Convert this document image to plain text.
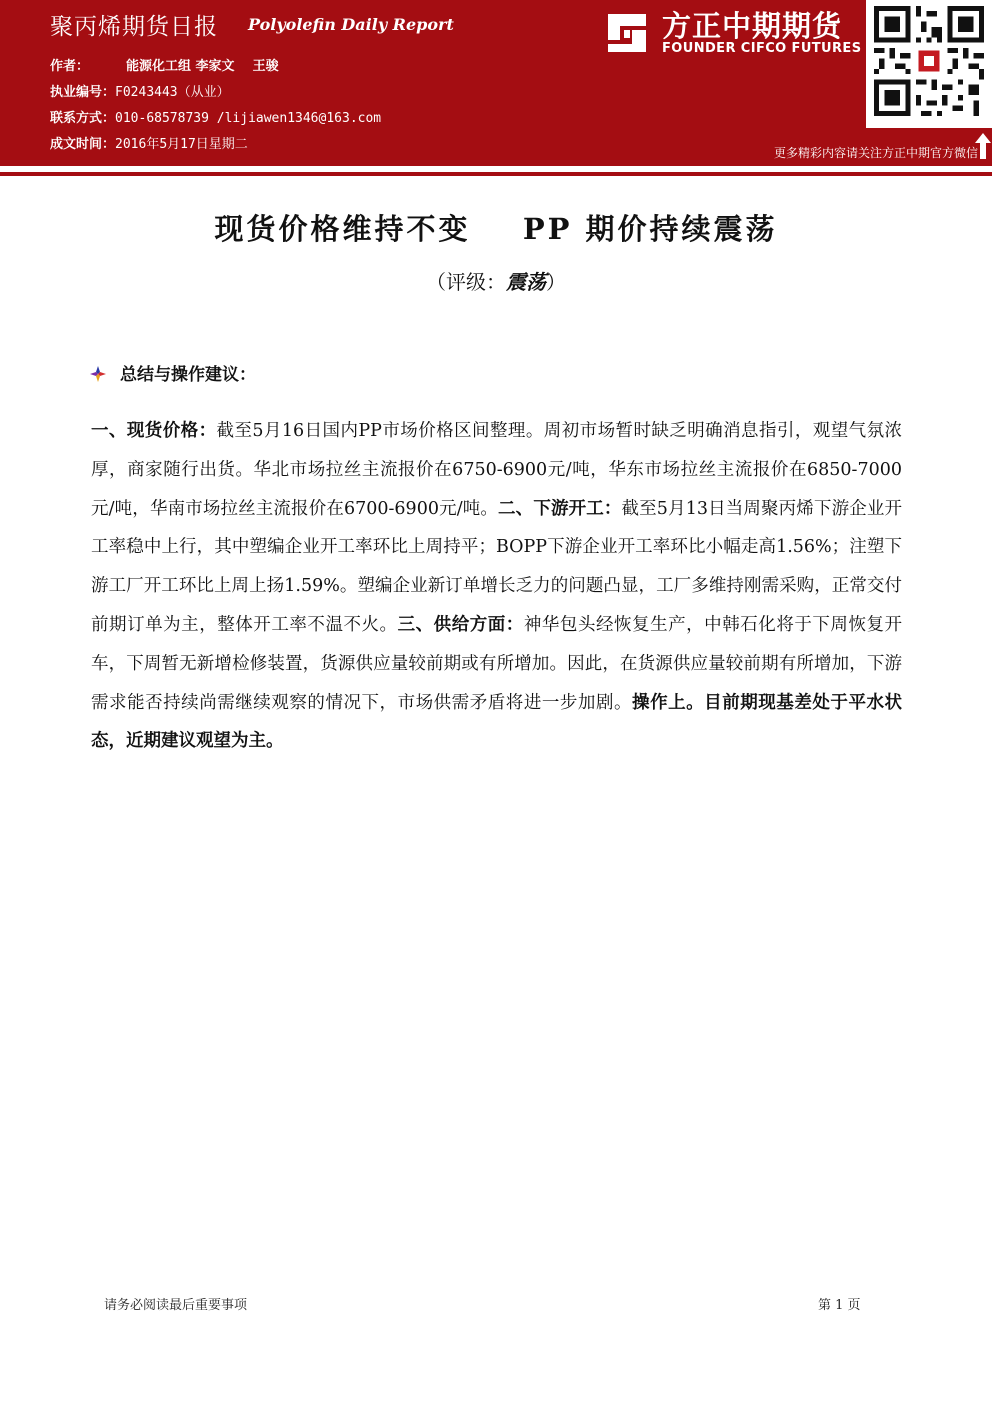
聚丙烯期货日报 Polyolefin Daily Report
作者：	能源化工组 李家文    王骏
执业编号：F0243443（从业）
联系方式：010-68578739 /lijiawen1346@163.com
成文时间：2016年5月17日星期二
方正中期期货
FOUNDER CIFCO FUTURES
更多精彩内容请关注方正中期官方微信
现货价格维持不变    PP 期价持续震荡
（评级：震荡）
总结与操作建议：
一、现货价格：截至5月16日国内PP市场价格区间整理。周初市场暂时缺乏明确消息指引，观望气氛浓厚，商家随行出货。华北市场拉丝主流报价在6750-6900元/吨，华东市场拉丝主流报价在6850-7000元/吨，华南市场拉丝主流报价在6700-6900元/吨。二、下游开工：截至5月13日当周聚丙烯下游企业开工率稳中上行，其中塑编企业开工率环比上周持平；BOPP下游企业开工率环比小幅走高1.56%；注塑下游工厂开工环比上周上扬1.59%。塑编企业新订单增长乏力的问题凸显，工厂多维持刚需采购，正常交付前期订单为主，整体开工率不温不火。三、供给方面：神华包头经恢复生产，中韩石化将于下周恢复开车，下周暂无新增检修装置，货源供应量较前期或有所增加。因此，在货源供应量较前期有所增加，下游需求能否持续尚需继续观察的情况下，市场供需矛盾将进一步加剧。操作上。目前期现基差处于平水状态，近期建议观望为主。
请务必阅读最后重要事项	第 1 页
